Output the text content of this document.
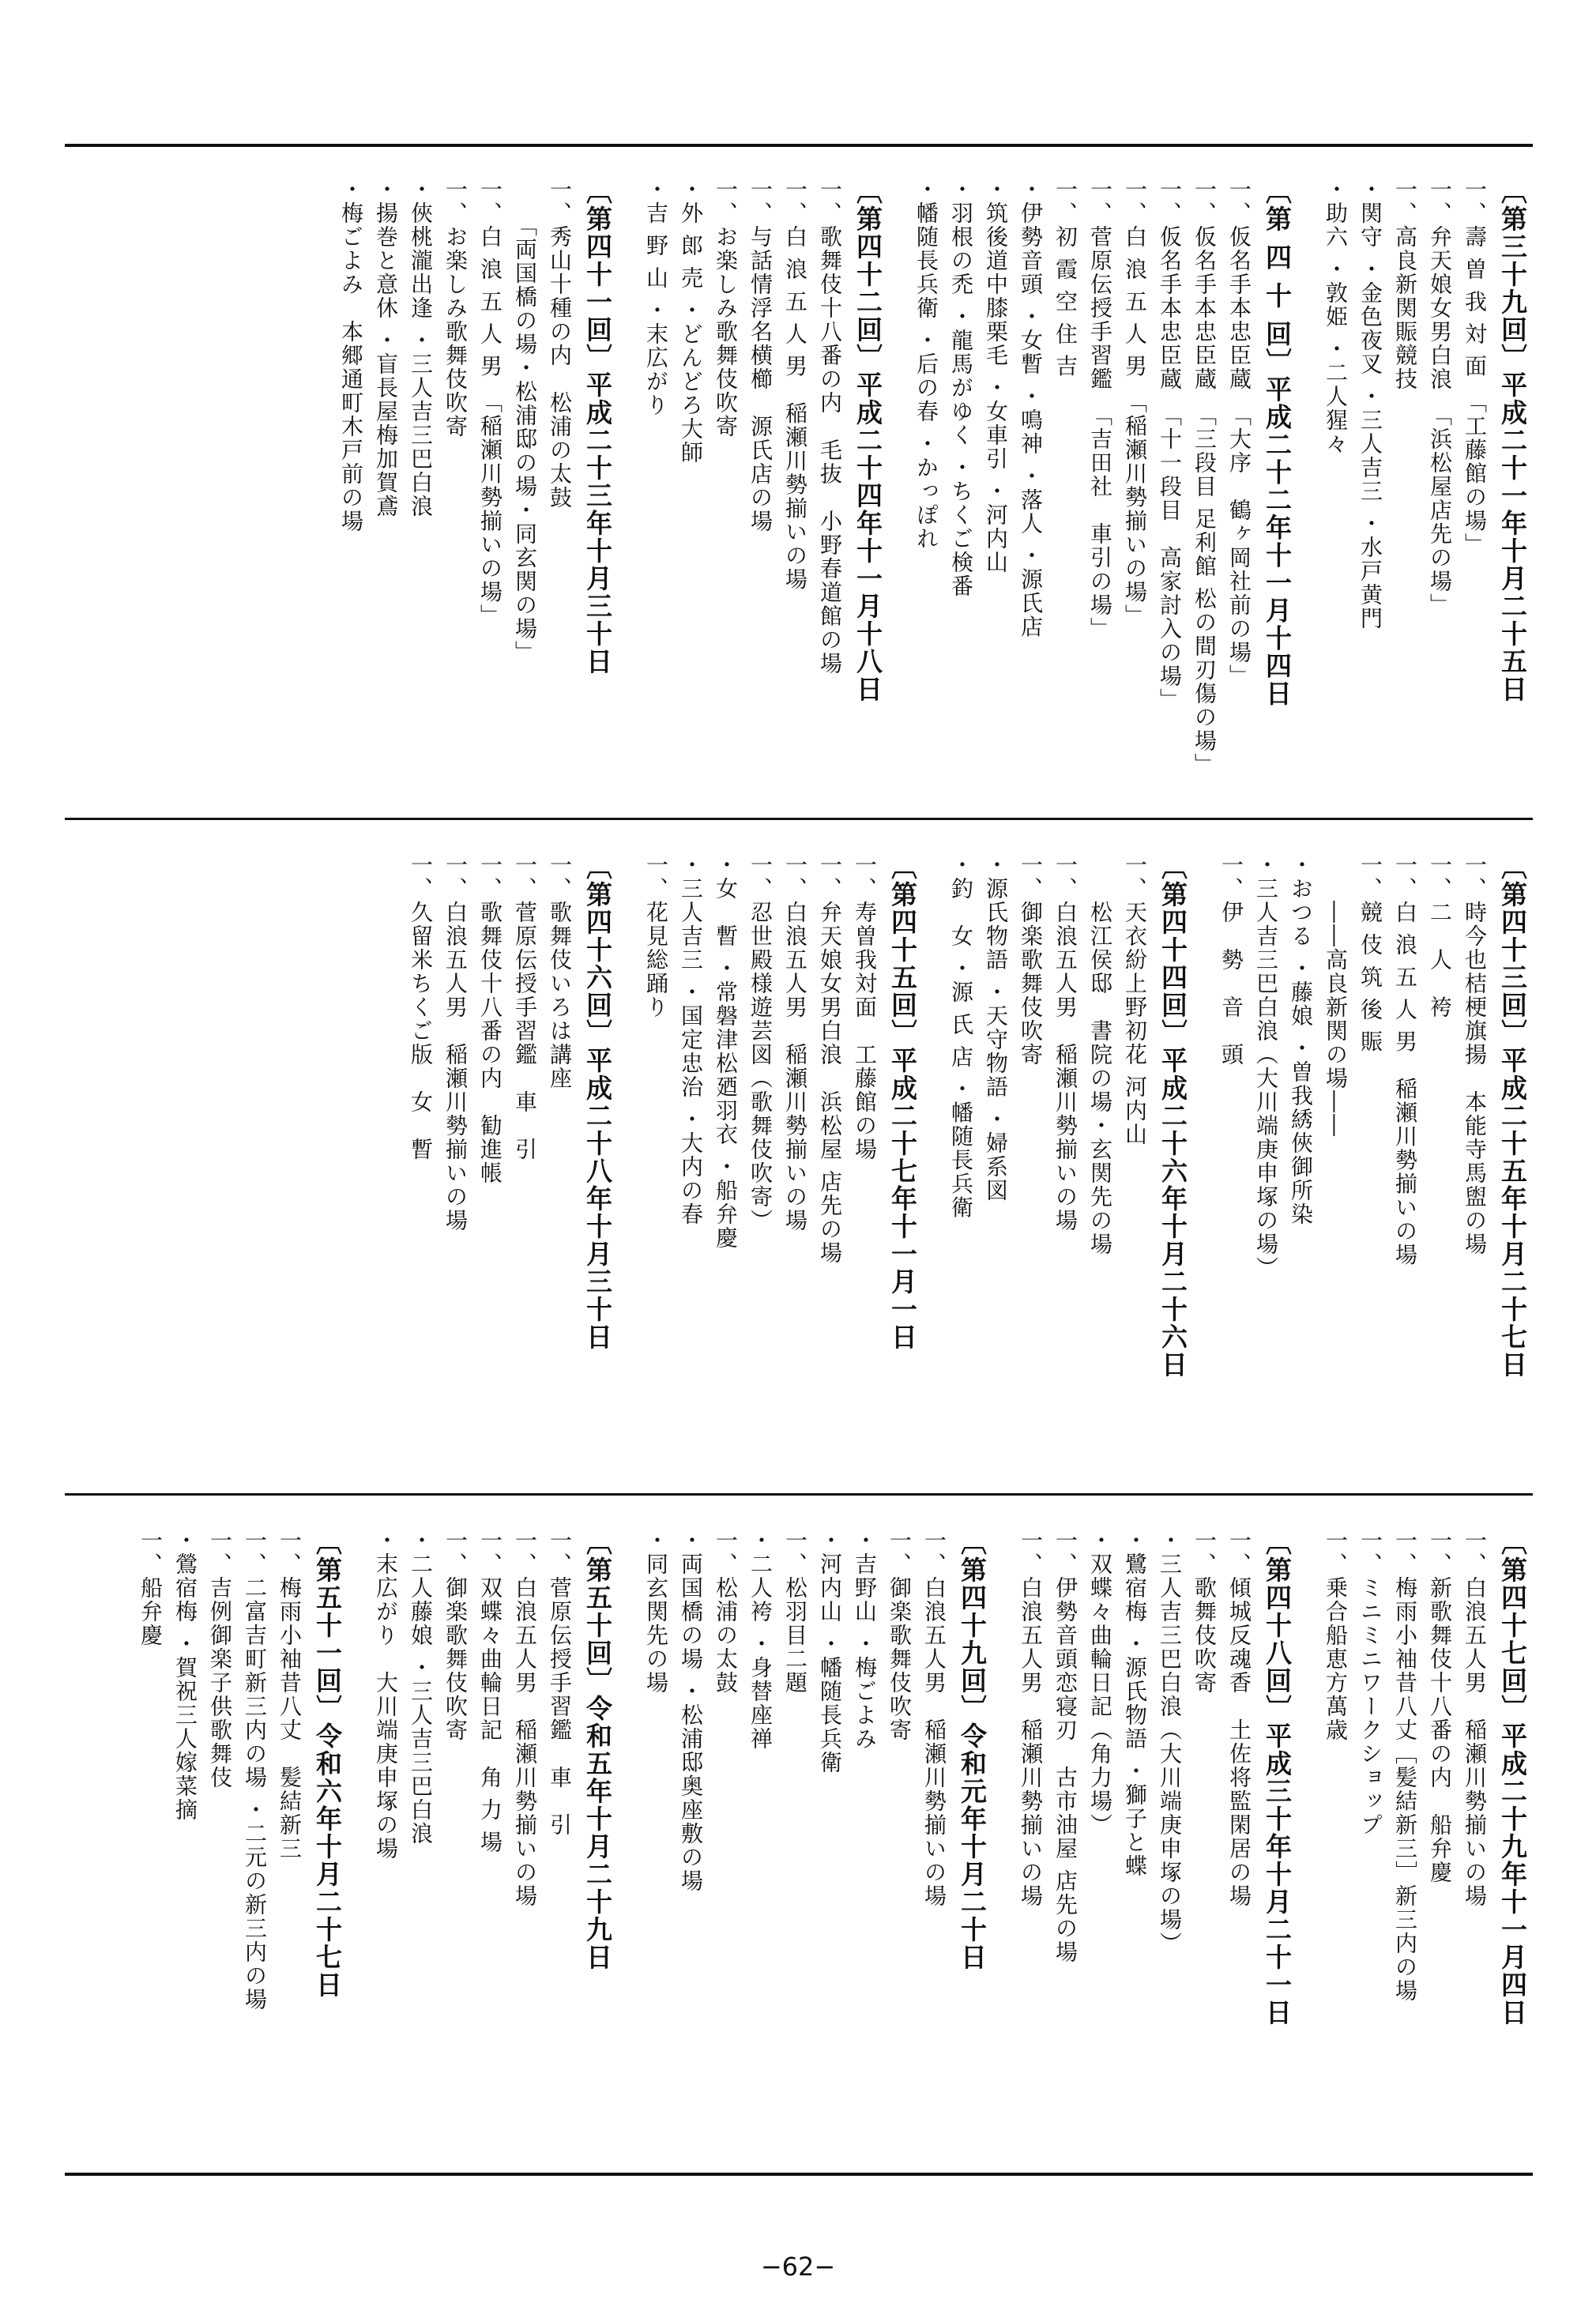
〔第三十九回〕平成二十一年十月二十五日
一、壽 曽 我 対 面　「工藤館の場」
一、弁天娘女男白浪　「浜松屋店先の場」
一、高良新関賑競技
・関守 ・金色夜叉 ・三人吉三 ・水戸黄門
・助六 ・敦姫 ・二人猩々
〔第 四 十 回〕平成二十二年十一月十四日
一、仮名手本忠臣蔵　「大序　鶴ヶ岡社前の場」
一、仮名手本忠臣蔵　「三段目 足利館 松の間刃傷の場」
一、仮名手本忠臣蔵　「十一段目　高家討入の場」
一、白 浪 五 人 男　「稲瀬川勢揃いの場」
一、菅原伝授手習鑑　「吉田社　車引の場」
一、初 霞 空 住 吉
・伊勢音頭 ・女暫 ・鳴神 ・落人 ・源氏店
・筑後道中膝栗毛 ・女車引 ・河内山
・羽根の禿 ・龍馬がゆく ・ちくご検番
・幡随長兵衛 ・后の春 ・かっぽれ
〔第四十二回〕平成二十四年十一月十八日
一、歌舞伎十八番の内　毛抜　小野春道館の場
一、白 浪 五 人 男　稲瀬川勢揃いの場
一、与話情浮名横櫛　源氏店の場
一、お楽しみ歌舞伎吹寄
・外 郎 売 ・どんどろ大師
・吉 野 山 ・末広がり
〔第四十一回〕平成二十三年十月三十日
一、秀山十種の内　松浦の太鼓
　　「両国橋の場・松浦邸の場・同玄関の場」
一、白 浪 五 人 男　「稲瀬川勢揃いの場」
一、お楽しみ歌舞伎吹寄
・俠桃瀧出逢 ・三人吉三巴白浪
・揚巻と意休 ・盲長屋梅加賀鳶
・梅ごよみ　本郷通町木戸前の場
〔第四十三回〕平成二十五年十月二十七日
一、時今也桔梗旗揚　本能寺馬盥の場
一、二　人　袴
一、白 浪 五 人 男　稲瀬川勢揃いの場
一、競 伎 筑 後 賑
　　――高良新関の場――
・おつる ・藤娘 ・曽我綉俠御所染
・三人吉三巴白浪（大川端庚申塚の場）
一、伊　勢　音　頭
〔第四十四回〕平成二十六年十月二十六日
一、天衣紛上野初花 河内山
　　松江侯邸　書院の場・玄関先の場
一、白浪五人男　稲瀬川勢揃いの場
一、御楽歌舞伎吹寄
・源氏物語 ・天守物語 ・婦系図
・釣　女 ・源 氏 店 ・幡随長兵衛
〔第四十五回〕平成二十七年十一月一日
一、寿曽我対面　工藤館の場
一、弁天娘女男白浪　浜松屋 店先の場
一、白浪五人男　稲瀬川勢揃いの場
一、忍世殿様遊芸図（歌舞伎吹寄）
・女　暫 ・常磐津松廼羽衣 ・船弁慶
・三人吉三 ・国定忠治 ・大内の春
一、花見総踊り
〔第四十六回〕平成二十八年十月三十日
一、歌舞伎いろは講座
一、菅原伝授手習鑑　車　引
一、歌舞伎十八番の内　勧進帳
一、白浪五人男　稲瀬川勢揃いの場
一、久留米ちくご版　女　暫
〔第四十七回〕平成二十九年十一月四日
一、白浪五人男　稲瀬川勢揃いの場
一、新歌舞伎十八番の内　船弁慶
一、梅雨小袖昔八丈［髪結新三］新三内の場
一、ミニミニワークショップ
一、乗合船恵方萬歳
〔第四十八回〕平成三十年十月二十一日
一、傾城反魂香　土佐将監閑居の場
一、歌舞伎吹寄
・三人吉三巴白浪（大川端庚申塚の場）
・鷺宿梅 ・源氏物語 ・獅子と蝶
・双蝶々曲輪日記（角力場）
一、伊勢音頭恋寝刃　古市油屋 店先の場
一、白浪五人男　稲瀬川勢揃いの場
〔第四十九回〕令和元年十月二十日
一、白浪五人男　稲瀬川勢揃いの場
一、御楽歌舞伎吹寄
・吉野山 ・梅ごよみ
・河内山 ・幡随長兵衛
一、松羽目二題
・二人袴 ・身替座禅
一、松浦の太鼓
・両国橋の場 ・松浦邸奥座敷の場
・同玄関先の場
〔第五十回〕令和五年十月二十九日
一、菅原伝授手習鑑　車　引
一、白浪五人男　稲瀬川勢揃いの場
一、双蝶々曲輪日記　角 力 場
一、御楽歌舞伎吹寄
・二人藤娘 ・三人吉三巴白浪
・末広がり　大川端庚申塚の場
〔第五十一回〕令和六年十月二十七日
一、梅雨小袖昔八丈　髪結新三
一、二富吉町新三内の場 ・二元の新三内の場
一、吉例御楽子供歌舞伎
・鶯宿梅 ・賀祝三人嫁菜摘
一、船弁慶
−62−
